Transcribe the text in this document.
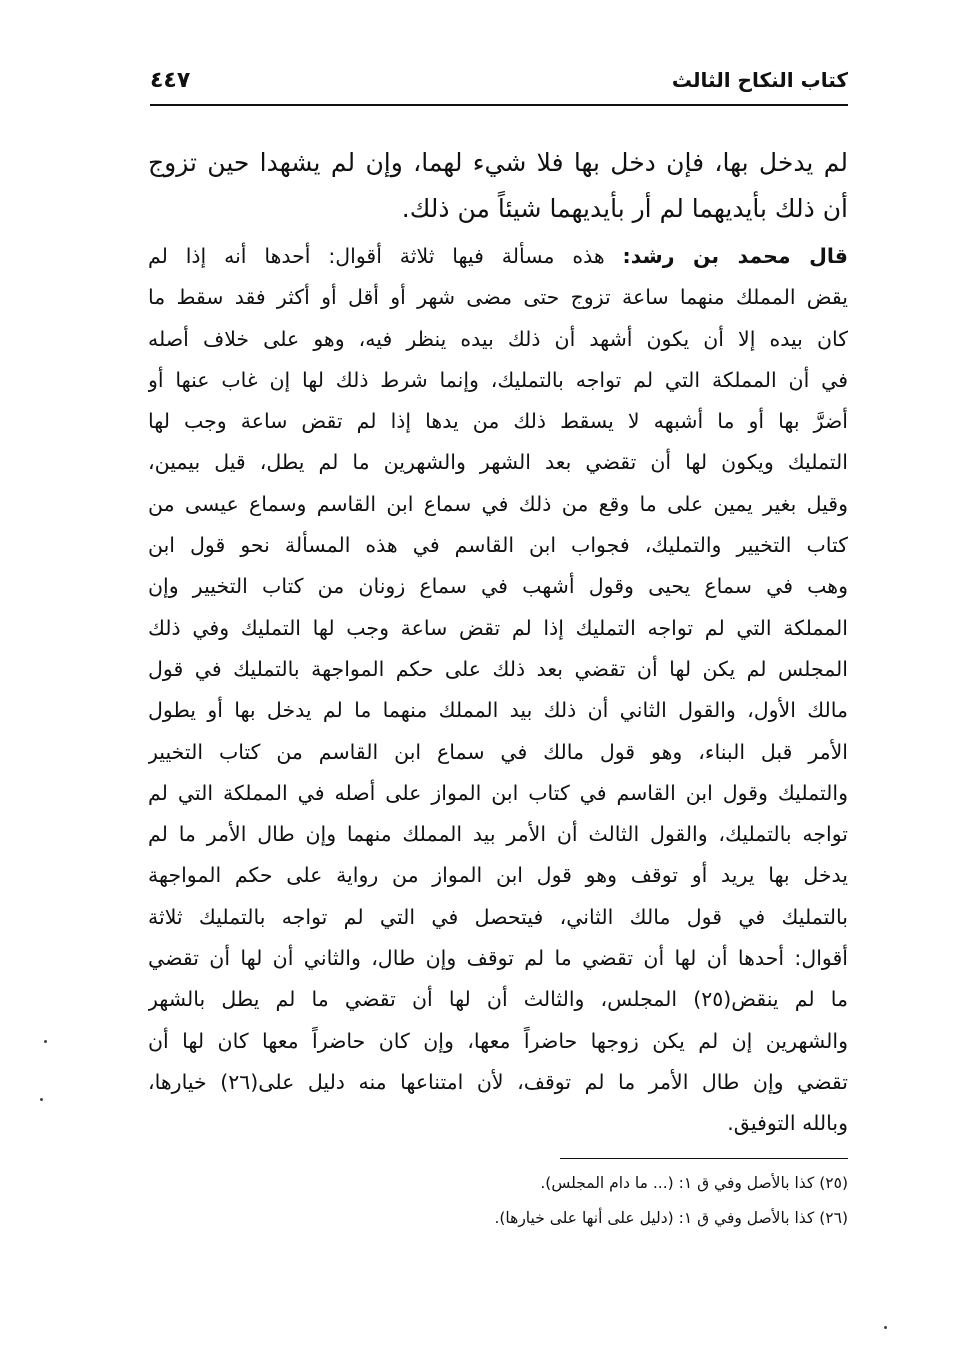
كتاب النكاح الثالث
٤٤٧
لم يدخل بها، فإن دخل بها فلا شيء لهما، وإن لم يشهدا حين تزوج
أن ذلك بأيديهما لم أر بأيديهما شيئاً من ذلك.
قال محمد بن رشد: هذه مسألة فيها ثلاثة أقوال: أحدها أنه إذا لم
يقض المملك منهما ساعة تزوج حتى مضى شهر أو أقل أو أكثر فقد سقط ما
كان بيده إلا أن يكون أشهد أن ذلك بيده ينظر فيه، وهو على خلاف أصله
في أن المملكة التي لم تواجه بالتمليك، وإنما شرط ذلك لها إن غاب عنها أو
أضرَّ بها أو ما أشبهه لا يسقط ذلك من يدها إذا لم تقض ساعة وجب لها
التمليك ويكون لها أن تقضي بعد الشهر والشهرين ما لم يطل، قيل بيمين،
وقيل بغير يمين على ما وقع من ذلك في سماع ابن القاسم وسماع عيسى من
كتاب التخيير والتمليك، فجواب ابن القاسم في هذه المسألة نحو قول ابن
وهب في سماع يحيى وقول أشهب في سماع زونان من كتاب التخيير وإن
المملكة التي لم تواجه التمليك إذا لم تقض ساعة وجب لها التمليك وفي ذلك
المجلس لم يكن لها أن تقضي بعد ذلك على حكم المواجهة بالتمليك في قول
مالك الأول، والقول الثاني أن ذلك بيد المملك منهما ما لم يدخل بها أو يطول
الأمر قبل البناء، وهو قول مالك في سماع ابن القاسم من كتاب التخيير
والتمليك وقول ابن القاسم في كتاب ابن المواز على أصله في المملكة التي لم
تواجه بالتمليك، والقول الثالث أن الأمر بيد المملك منهما وإن طال الأمر ما لم
يدخل بها يريد أو توقف وهو قول ابن المواز من رواية على حكم المواجهة
بالتمليك في قول مالك الثاني، فيتحصل في التي لم تواجه بالتمليك ثلاثة
أقوال: أحدها أن لها أن تقضي ما لم توقف وإن طال، والثاني أن لها أن تقضي
ما لم ينقض(٢٥) المجلس، والثالث أن لها أن تقضي ما لم يطل بالشهر
والشهرين إن لم يكن زوجها حاضراً معها، وإن كان حاضراً معها كان لها أن
تقضي وإن طال الأمر ما لم توقف، لأن امتناعها منه دليل على(٢٦) خيارها،
وبالله التوفيق.
(٢٥) كذا بالأصل وفي ق ١: (... ما دام المجلس).
(٢٦) كذا بالأصل وفي ق ١: (دليل على أنها على خيارها).
